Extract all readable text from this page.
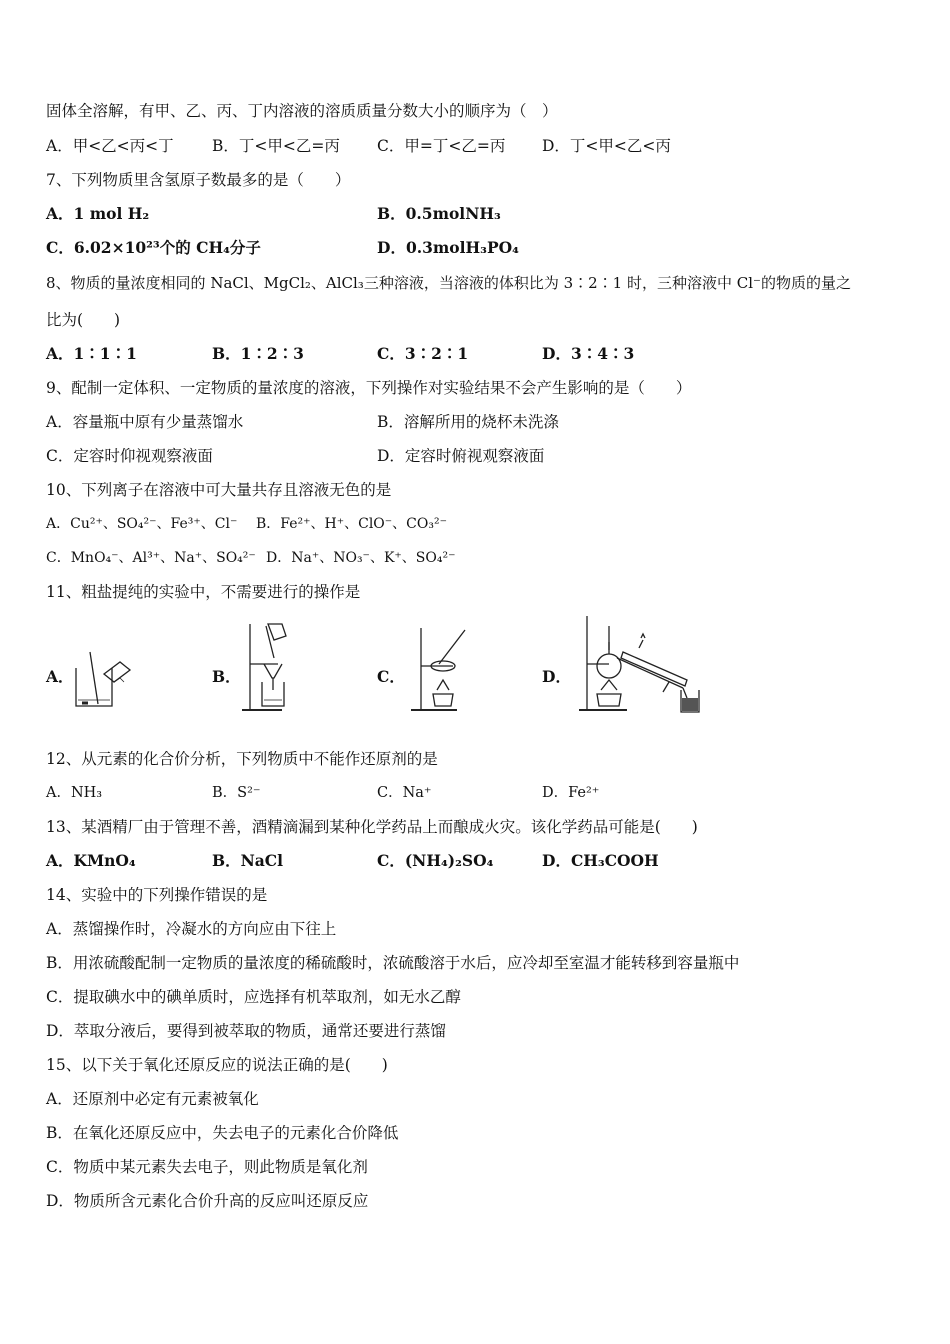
固体全溶解，有甲、乙、丙、丁内溶液的溶质质量分数大小的顺序为（　）
A．甲<乙<丙<丁 B．丁<甲<乙=丙 C．甲=丁<乙=丙 D．丁<甲<乙<丙
7、下列物质里含氢原子数最多的是（　　）
A．1 mol H₂	B．0.5molNH₃
C．6.02×10²³个的 CH₄分子	D．0.3molH₃PO₄
8、物质的量浓度相同的 NaCl、MgCl₂、AlCl₃三种溶液，当溶液的体积比为 3∶2∶1 时，三种溶液中 Cl⁻的物质的量之
比为(　　)
A．1∶1∶1	B．1∶2∶3	C．3∶2∶1	D．3∶4∶3
9、配制一定体积、一定物质的量浓度的溶液，下列操作对实验结果不会产生影响的是（　　）
A．容量瓶中原有少量蒸馏水	B．溶解所用的烧杯未洗涤
C．定容时仰视观察液面	D．定容时俯视观察液面
10、下列离子在溶液中可大量共存且溶液无色的是
A．Cu²⁺、SO₄²⁻、Fe³⁺、Cl⁻ B．Fe²⁺、H⁺、ClO⁻、CO₃²⁻
C．MnO₄⁻、Al³⁺、Na⁺、SO₄²⁻ D．Na⁺、NO₃⁻、K⁺、SO₄²⁻
11、粗盐提纯的实验中，不需要进行的操作是
A．	B．	C．	D．
12、从元素的化合价分析，下列物质中不能作还原剂的是
A．NH₃	B．S²⁻	C．Na⁺	D．Fe²⁺
13、某酒精厂由于管理不善，酒精滴漏到某种化学药品上而酿成火灾。该化学药品可能是(　　)
A．KMnO₄	B．NaCl	C．(NH₄)₂SO₄	D．CH₃COOH
14、实验中的下列操作错误的是
A．蒸馏操作时，冷凝水的方向应由下往上
B．用浓硫酸配制一定物质的量浓度的稀硫酸时，浓硫酸溶于水后，应冷却至室温才能转移到容量瓶中
C．提取碘水中的碘单质时，应选择有机萃取剂，如无水乙醇
D．萃取分液后，要得到被萃取的物质，通常还要进行蒸馏
15、以下关于氧化还原反应的说法正确的是(　　)
A．还原剂中必定有元素被氧化
B．在氧化还原反应中，失去电子的元素化合价降低
C．物质中某元素失去电子，则此物质是氧化剂
D．物质所含元素化合价升高的反应叫还原反应
